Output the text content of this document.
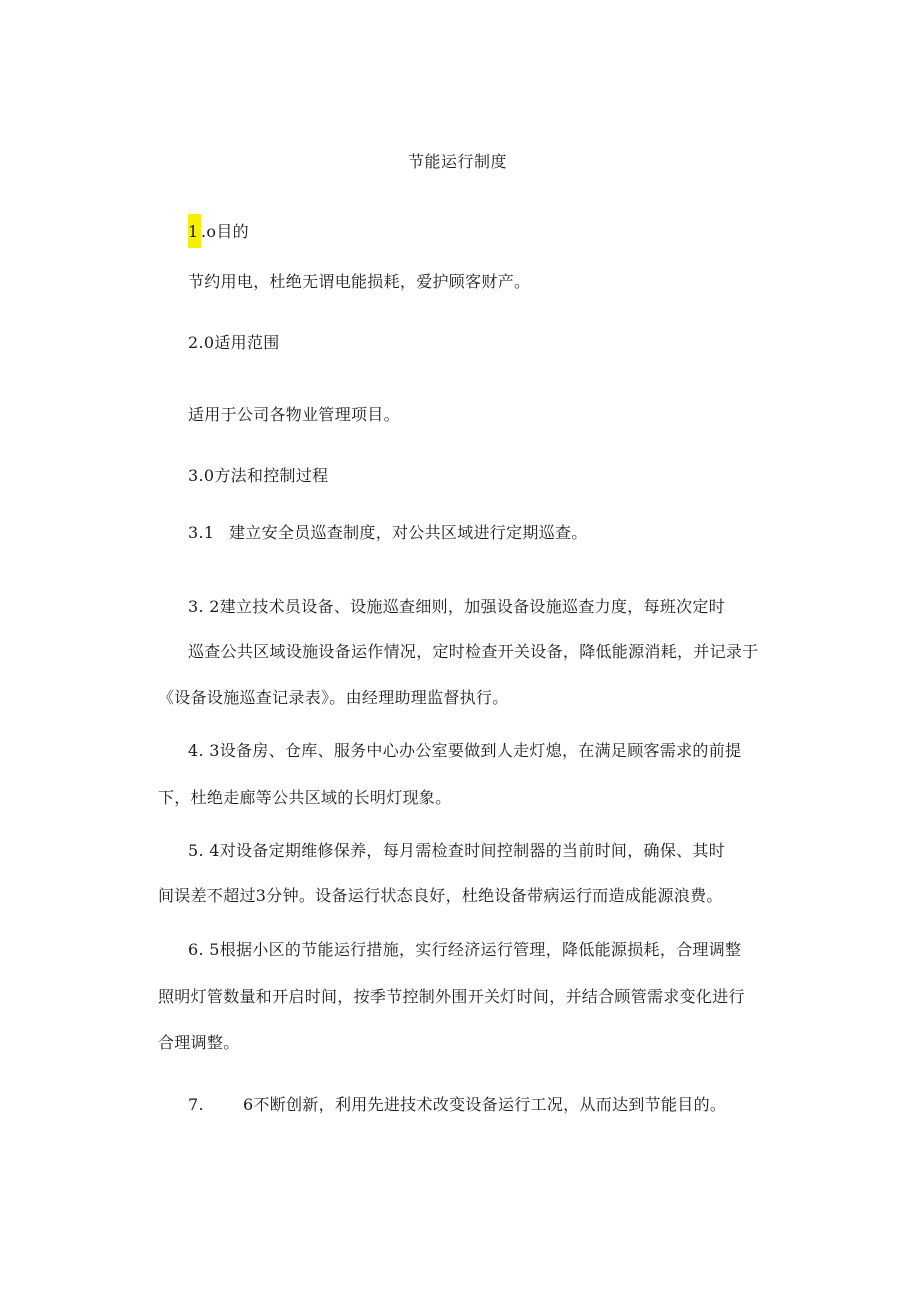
节能运行制度
1 .o目的
节约用电，杜绝无谓电能损耗，爱护顾客财产。
2.0适用范围
适用于公司各物业管理项目。
3.0方法和控制过程
3.1 建立安全员巡查制度，对公共区域进行定期巡查。
3. 2建立技术员设备、设施巡查细则，加强设备设施巡查力度，每班次定时
巡查公共区域设施设备运作情况，定时检查开关设备，降低能源消耗，并记录于
《设备设施巡查记录表》。由经理助理监督执行。
4. 3设备房、仓库、服务中心办公室要做到人走灯熄，在满足顾客需求的前提
下，杜绝走廊等公共区域的长明灯现象。
5. 4对设备定期维修保养，每月需检查时间控制器的当前时间，确保、其时
间误差不超过3分钟。设备运行状态良好，杜绝设备带病运行而造成能源浪费。
6. 5根据小区的节能运行措施，实行经济运行管理，降低能源损耗，合理调整
照明灯管数量和开启时间，按季节控制外围开关灯时间，并结合顾管需求变化进行
合理调整。
7. 6不断创新，利用先进技术改变设备运行工况，从而达到节能目的。
